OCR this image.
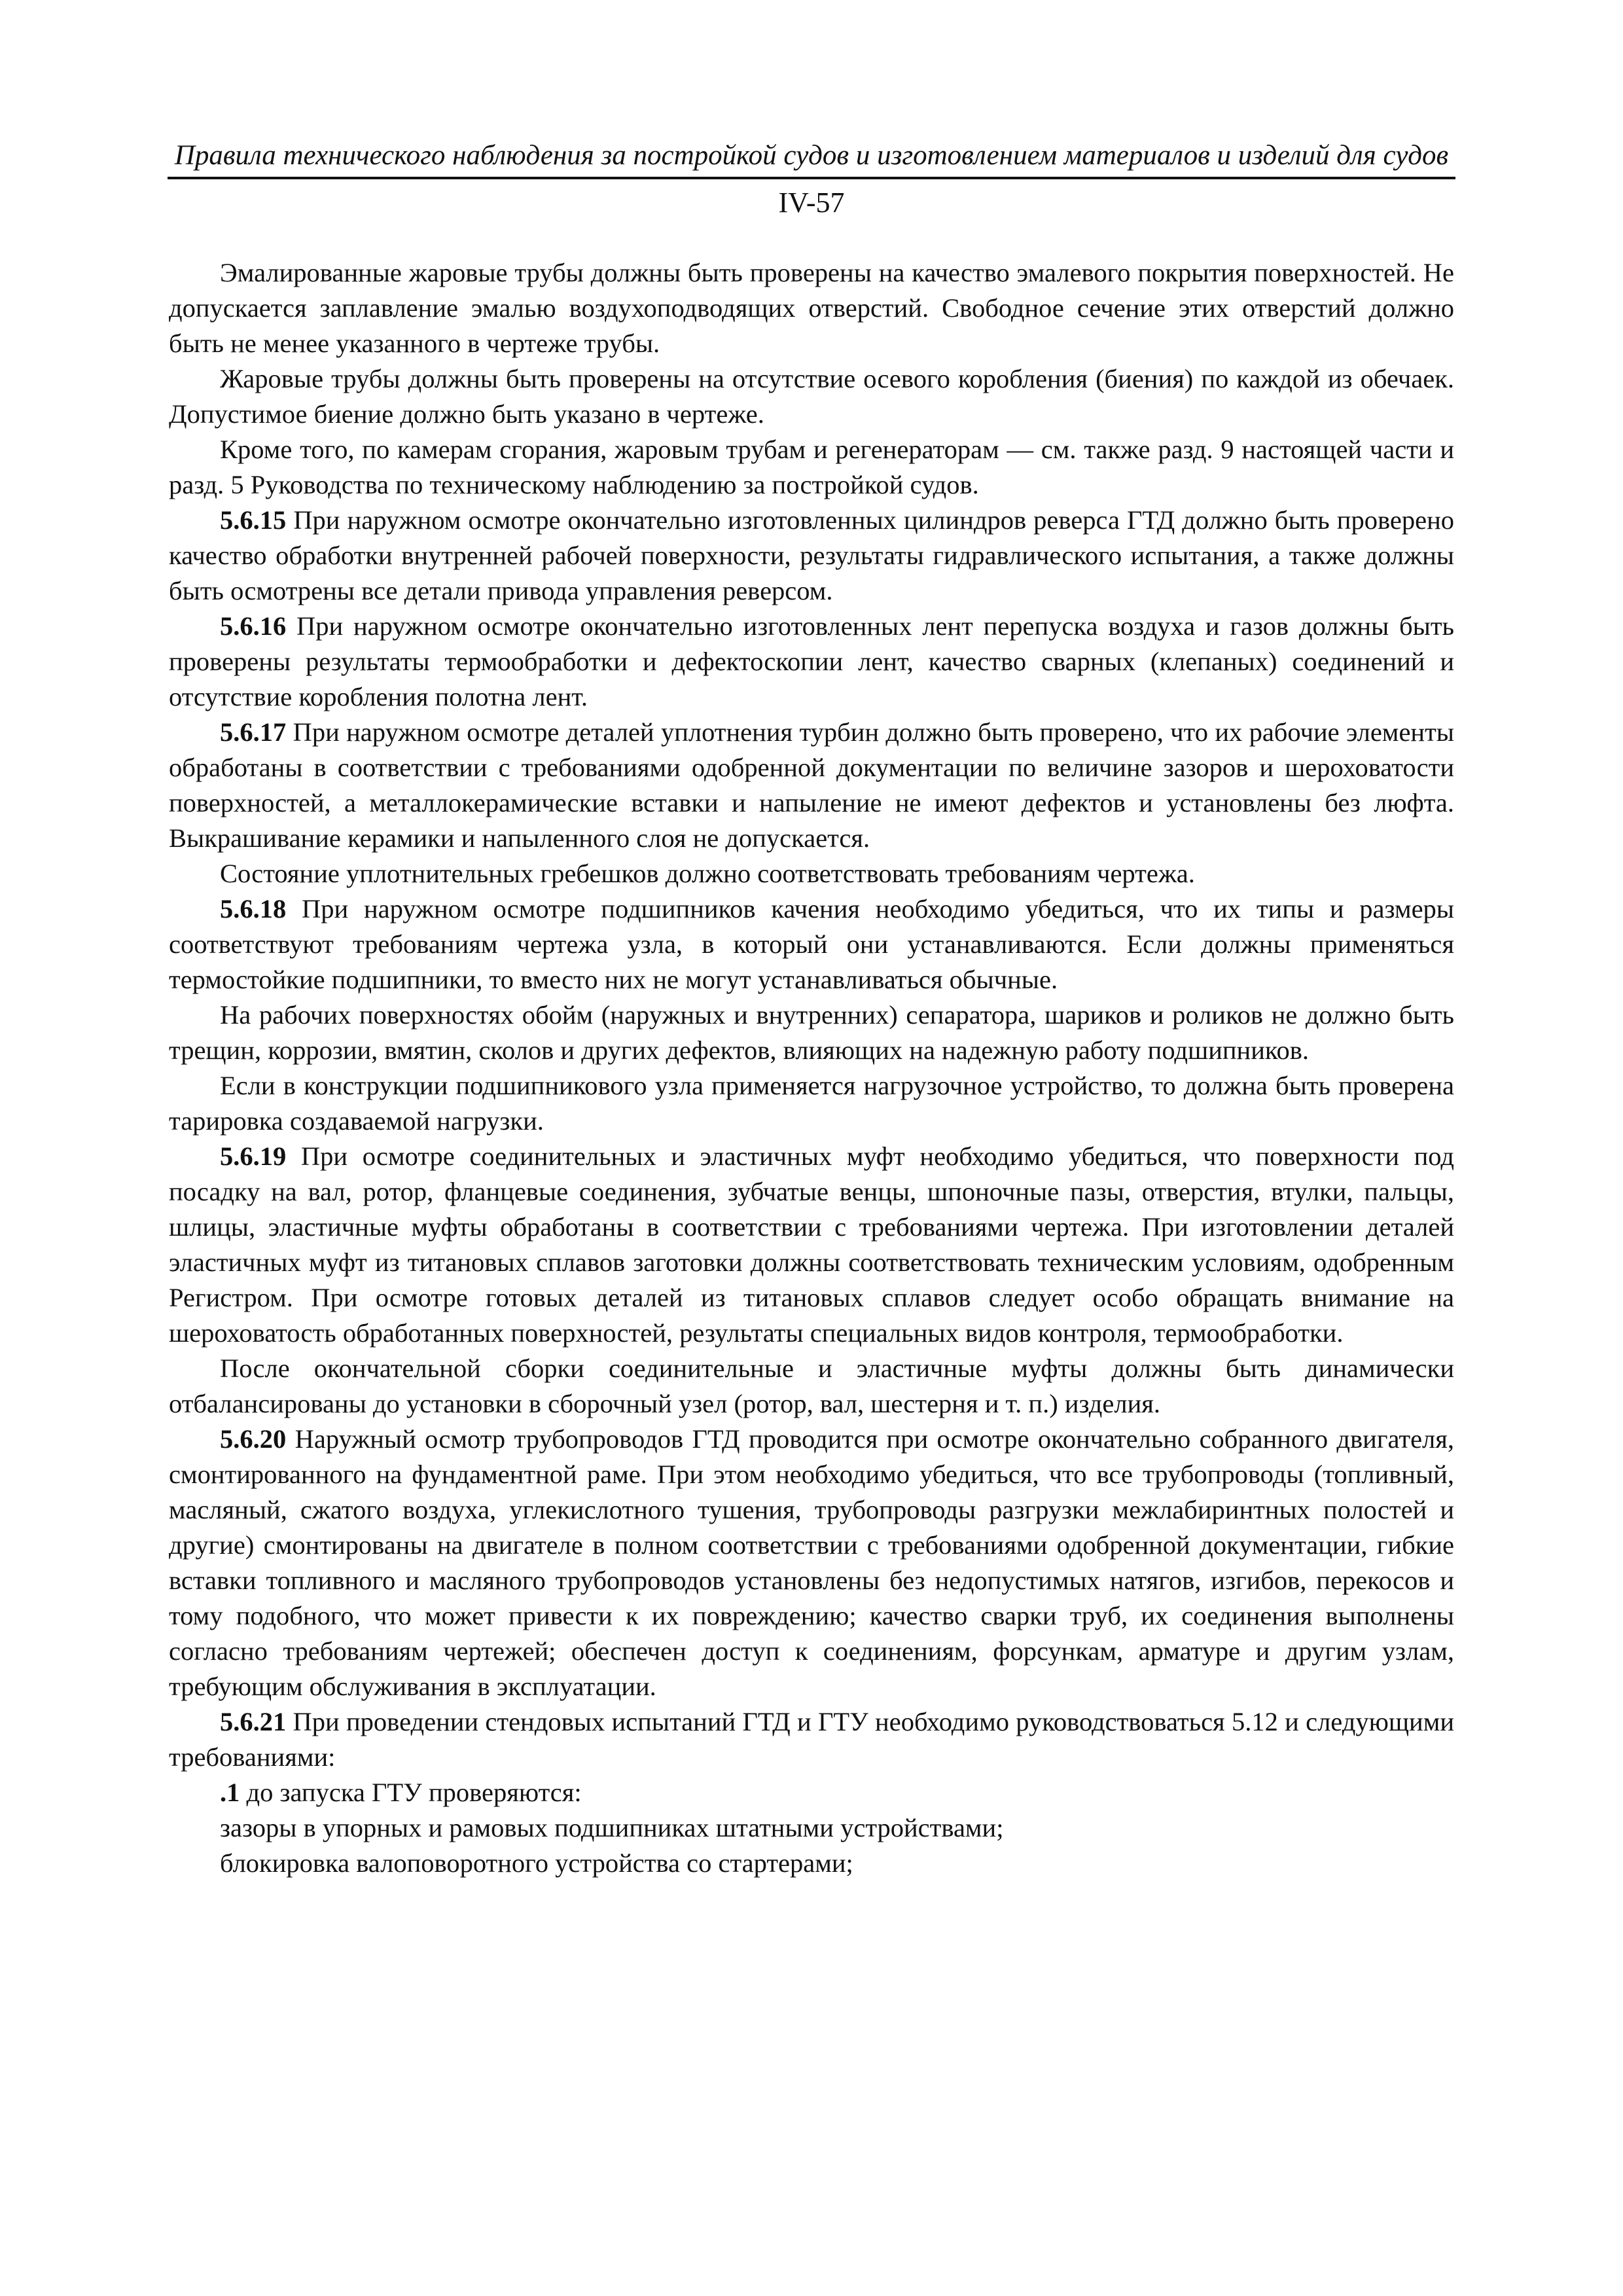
Правила технического наблюдения за постройкой судов и изготовлением материалов и изделий для судов
IV-57

Эмалированные жаровые трубы должны быть проверены на качество эмалевого покрытия поверхностей. Не допускается заплавление эмалью воздухоподводящих отверстий. Свободное сечение этих отверстий должно быть не менее указанного в чертеже трубы.

Жаровые трубы должны быть проверены на отсутствие осевого коробления (биения) по каждой из обечаек. Допустимое биение должно быть указано в чертеже.

Кроме того, по камерам сгорания, жаровым трубам и регенераторам — см. также разд. 9 настоящей части и разд. 5 Руководства по техническому наблюдению за постройкой судов.

5.6.15 При наружном осмотре окончательно изготовленных цилиндров реверса ГТД должно быть проверено качество обработки внутренней рабочей поверхности, результаты гидравлического испытания, а также должны быть осмотрены все детали привода управления реверсом.

5.6.16 При наружном осмотре окончательно изготовленных лент перепуска воздуха и газов должны быть проверены результаты термообработки и дефектоскопии лент, качество сварных (клепаных) соединений и отсутствие коробления полотна лент.

5.6.17 При наружном осмотре деталей уплотнения турбин должно быть проверено, что их рабочие элементы обработаны в соответствии с требованиями одобренной документации по величине зазоров и шероховатости поверхностей, а металлокерамические вставки и напыление не имеют дефектов и установлены без люфта. Выкрашивание керамики и напыленного слоя не допускается.

Состояние уплотнительных гребешков должно соответствовать требованиям чертежа.

5.6.18 При наружном осмотре подшипников качения необходимо убедиться, что их типы и размеры соответствуют требованиям чертежа узла, в который они устанавливаются. Если должны применяться термостойкие подшипники, то вместо них не могут устанавливаться обычные.

На рабочих поверхностях обойм (наружных и внутренних) сепаратора, шариков и роликов не должно быть трещин, коррозии, вмятин, сколов и других дефектов, влияющих на надежную работу подшипников.

Если в конструкции подшипникового узла применяется нагрузочное устройство, то должна быть проверена тарировка создаваемой нагрузки.

5.6.19 При осмотре соединительных и эластичных муфт необходимо убедиться, что поверхности под посадку на вал, ротор, фланцевые соединения, зубчатые венцы, шпоночные пазы, отверстия, втулки, пальцы, шлицы, эластичные муфты обработаны в соответствии с требованиями чертежа. При изготовлении деталей эластичных муфт из титановых сплавов заготовки должны соответствовать техническим условиям, одобренным Регистром. При осмотре готовых деталей из титановых сплавов следует особо обращать внимание на шероховатость обработанных поверхностей, результаты специальных видов контроля, термообработки.

После окончательной сборки соединительные и эластичные муфты должны быть динамически отбалансированы до установки в сборочный узел (ротор, вал, шестерня и т. п.) изделия.

5.6.20 Наружный осмотр трубопроводов ГТД проводится при осмотре окончательно собранного двигателя, смонтированного на фундаментной раме. При этом необходимо убедиться, что все трубопроводы (топливный, масляный, сжатого воздуха, углекислотного тушения, трубопроводы разгрузки межлабиринтных полостей и другие) смонтированы на двигателе в полном соответствии с требованиями одобренной документации, гибкие вставки топливного и масляного трубопроводов установлены без недопустимых натягов, изгибов, перекосов и тому подобного, что может привести к их повреждению; качество сварки труб, их соединения выполнены согласно требованиям чертежей; обеспечен доступ к соединениям, форсункам, арматуре и другим узлам, требующим обслуживания в эксплуатации.

5.6.21 При проведении стендовых испытаний ГТД и ГТУ необходимо руководствоваться 5.12 и следующими требованиями:

.1 до запуска ГТУ проверяются:

зазоры в упорных и рамовых подшипниках штатными устройствами;

блокировка валоповоротного устройства со стартерами;
